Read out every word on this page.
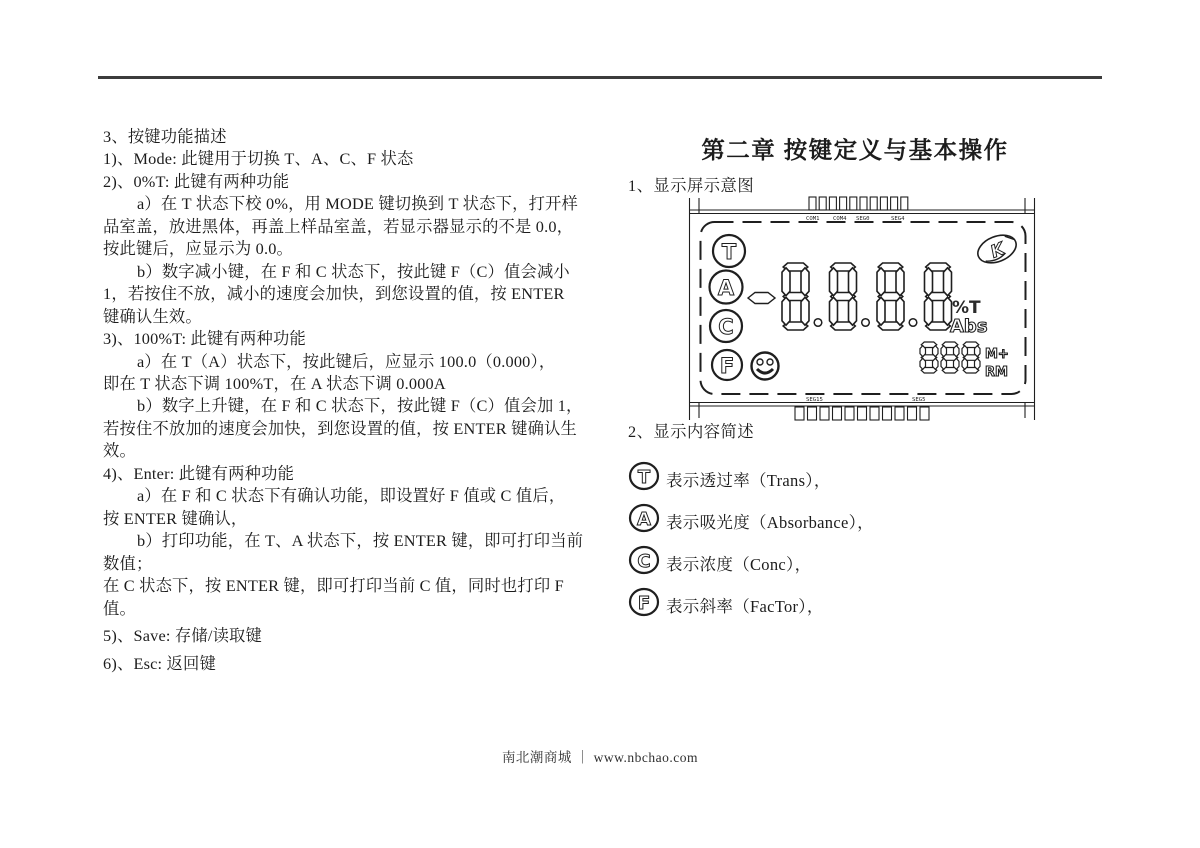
3、按键功能描述
1)、Mode: 此键用于切换 T、A、C、F 状态
2)、0%T: 此键有两种功能
a）在 T 状态下校 0%，用 MODE 键切换到 T 状态下，打开样
品室盖，放进黑体，再盖上样品室盖，若显示器显示的不是 0.0，
按此键后，应显示为 0.0。
b）数字减小键，在 F 和 C 状态下，按此键 F（C）值会减小
1，若按住不放，减小的速度会加快，到您设置的值，按 ENTER
键确认生效。
3)、100%T: 此键有两种功能
a）在 T（A）状态下，按此键后，应显示 100.0（0.000），
即在 T 状态下调 100%T，在 A 状态下调 0.000A
b）数字上升键，在 F 和 C 状态下，按此键 F（C）值会加 1，
若按住不放加的速度会加快，到您设置的值，按 ENTER 键确认生
效。
4)、Enter: 此键有两种功能
a）在 F 和 C 状态下有确认功能，即设置好 F 值或 C 值后，
按 ENTER 键确认，
b）打印功能，在 T、A 状态下，按 ENTER 键，即可打印当前
数值；
在 C 状态下，按 ENTER 键，即可打印当前 C 值，同时也打印 F
值。
5)、Save: 存储/读取键
6)、Esc: 返回键
第二章 按键定义与基本操作
1、显示屏示意图
COM1 COM4 SEG0	SEG4
SEG15	SEG5
T
A
C
F
%T
Abs
M+
RM
K
2、显示内容简述
T 表示透过率（Trans），
A 表示吸光度（Absorbance），
C 表示浓度（Conc），
F 表示斜率（FacTor），
南北潮商城 ｜ www.nbchao.com
